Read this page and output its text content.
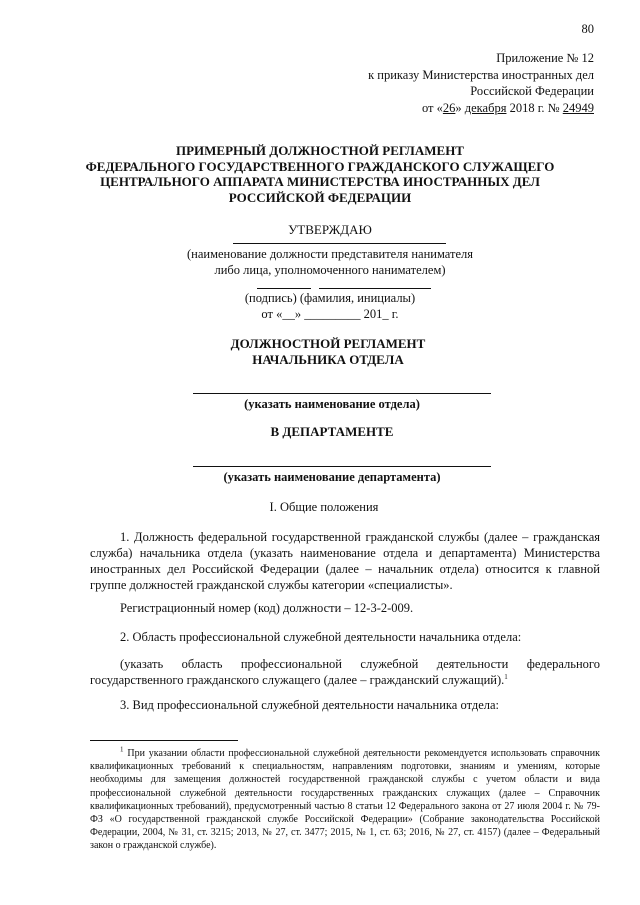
80
Приложение № 12
к приказу Министерства иностранных дел
Российской Федерации
от «26» декабря 2018 г. № 24949
ПРИМЕРНЫЙ ДОЛЖНОСТНОЙ РЕГЛАМЕНТ
ФЕДЕРАЛЬНОГО ГОСУДАРСТВЕННОГО ГРАЖДАНСКОГО СЛУЖАЩЕГО
ЦЕНТРАЛЬНОГО АППАРАТА МИНИСТЕРСТВА ИНОСТРАННЫХ ДЕЛ
РОССИЙСКОЙ ФЕДЕРАЦИИ
УТВЕРЖДАЮ
(наименование должности представителя нанимателя
либо лица, уполномоченного нанимателем)
(подпись) (фамилия, инициалы)
от «__» _________ 201_ г.
ДОЛЖНОСТНОЙ РЕГЛАМЕНТ
НАЧАЛЬНИКА ОТДЕЛА
(указать наименование отдела)
В ДЕПАРТАМЕНТЕ
(указать наименование департамента)
I. Общие положения
1. Должность федеральной государственной гражданской службы (далее – гражданская служба) начальника отдела (указать наименование отдела и департамента) Министерства иностранных дел Российской Федерации (далее – начальник отдела) относится к главной группе должностей гражданской службы категории «специалисты».
Регистрационный номер (код) должности – 12-3-2-009.
2. Область профессиональной служебной деятельности начальника отдела:
(указать область профессиональной служебной деятельности федерального государственного гражданского служащего (далее – гражданский служащий).$^1$
3. Вид профессиональной служебной деятельности начальника отдела:
$^1$ При указании области профессиональной служебной деятельности рекомендуется использовать справочник квалификационных требований к специальностям, направлениям подготовки, знаниям и умениям, которые необходимы для замещения должностей государственной гражданской службы с учетом области и вида профессиональной служебной деятельности государственных гражданских служащих (далее – Справочник квалификационных требований), предусмотренный частью 8 статьи 12 Федерального закона от 27 июля 2004 г. № 79-ФЗ «О государственной гражданской службе Российской Федерации» (Собрание законодательства Российской Федерации, 2004, № 31, ст. 3215; 2013, № 27, ст. 3477; 2015, № 1, ст. 63; 2016, № 27, ст. 4157) (далее – Федеральный закон о гражданской службе).
